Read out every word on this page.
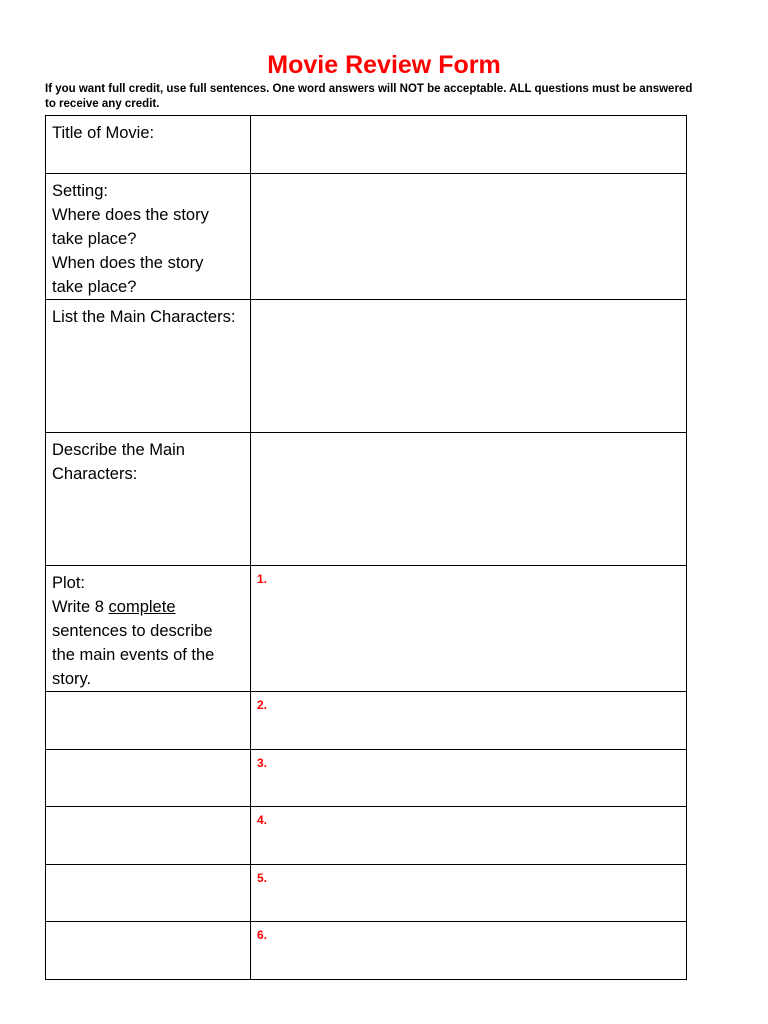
Movie Review Form

If you want full credit, use full sentences. One word answers will NOT be acceptable. ALL questions must be answered to receive any credit.

Title of Movie:	

Setting:
Where does the story
take place?
When does the story
take place?	

List the Main Characters:	

Describe the Main
Characters:	

Plot:
Write 8 complete
sentences to describe
the main events of the
story.	1.

	2.

	3.

	4.

	5.

	6.
